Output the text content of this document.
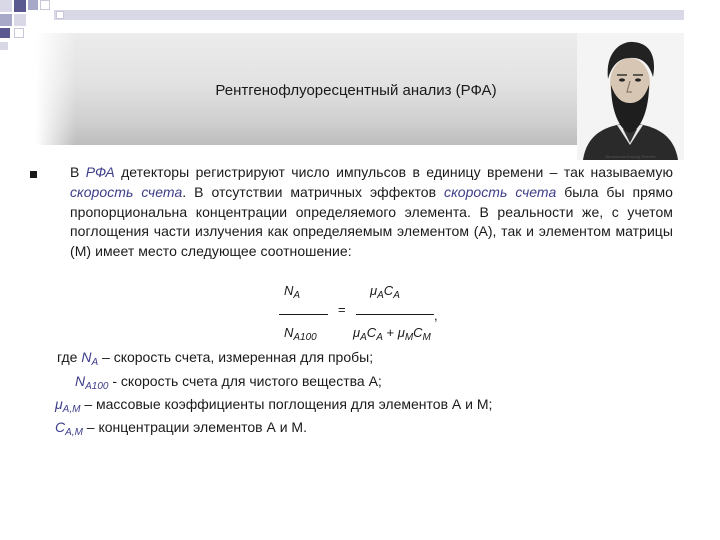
Рентгенофлуоресцентный анализ (РФА)
Вильгельм Конрад Рентген
В РФА детекторы регистрируют число импульсов в единицу времени – так называемую скорость счета. В отсутствии матричных эффектов скорость счета была бы прямо пропорциональна концентрации определяемого элемента. В реальности же, с учетом поглощения части излучения как определяемым элементом (А), так и элементом матрицы (М) имеет место следующее соотношение:
$N_A$
$N_{A100}$
=
$\mu_AC_A$
,
$\mu_AC_A + \mu_MC_M$
где $N_A$ – скорость счета, измеренная для пробы;
$N_{A100}$ - скорость счета для чистого вещества А;
$\mu_{A,M}$ – массовые коэффициенты поглощения для элементов А и М;
$C_{A,M}$ – концентрации элементов А и М.
